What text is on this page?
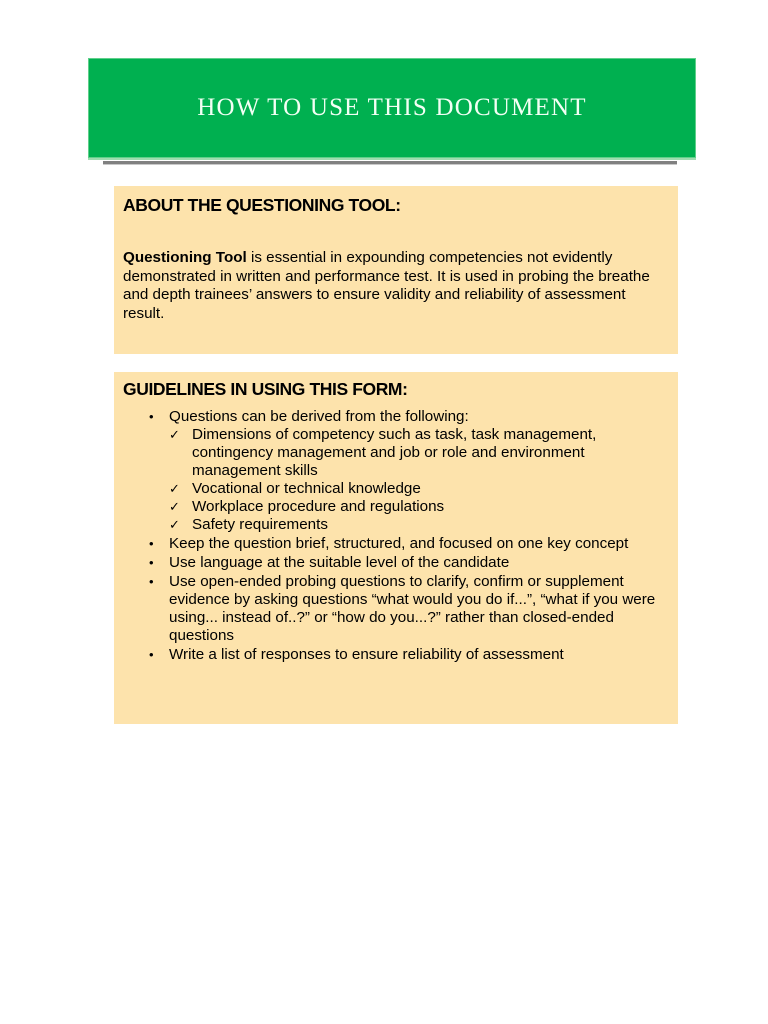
HOW TO USE THIS DOCUMENT
ABOUT THE QUESTIONING TOOL:
Questioning Tool is essential in expounding competencies not evidently demonstrated in written and performance test. It is used in probing the breathe and depth trainees’ answers to ensure validity and reliability of assessment result.
GUIDELINES IN USING THIS FORM:
• Questions can be derived from the following:
✓ Dimensions of competency such as task, task management, contingency management and job or role and environment management skills
✓ Vocational or technical knowledge
✓ Workplace procedure and regulations
✓ Safety requirements
• Keep the question brief, structured, and focused on one key concept
• Use language at the suitable level of the candidate
• Use open-ended probing questions to clarify, confirm or supplement evidence by asking questions “what would you do if...”, “what if you were using... instead of..?” or “how do you...?” rather than closed-ended questions
• Write a list of responses to ensure reliability of assessment
